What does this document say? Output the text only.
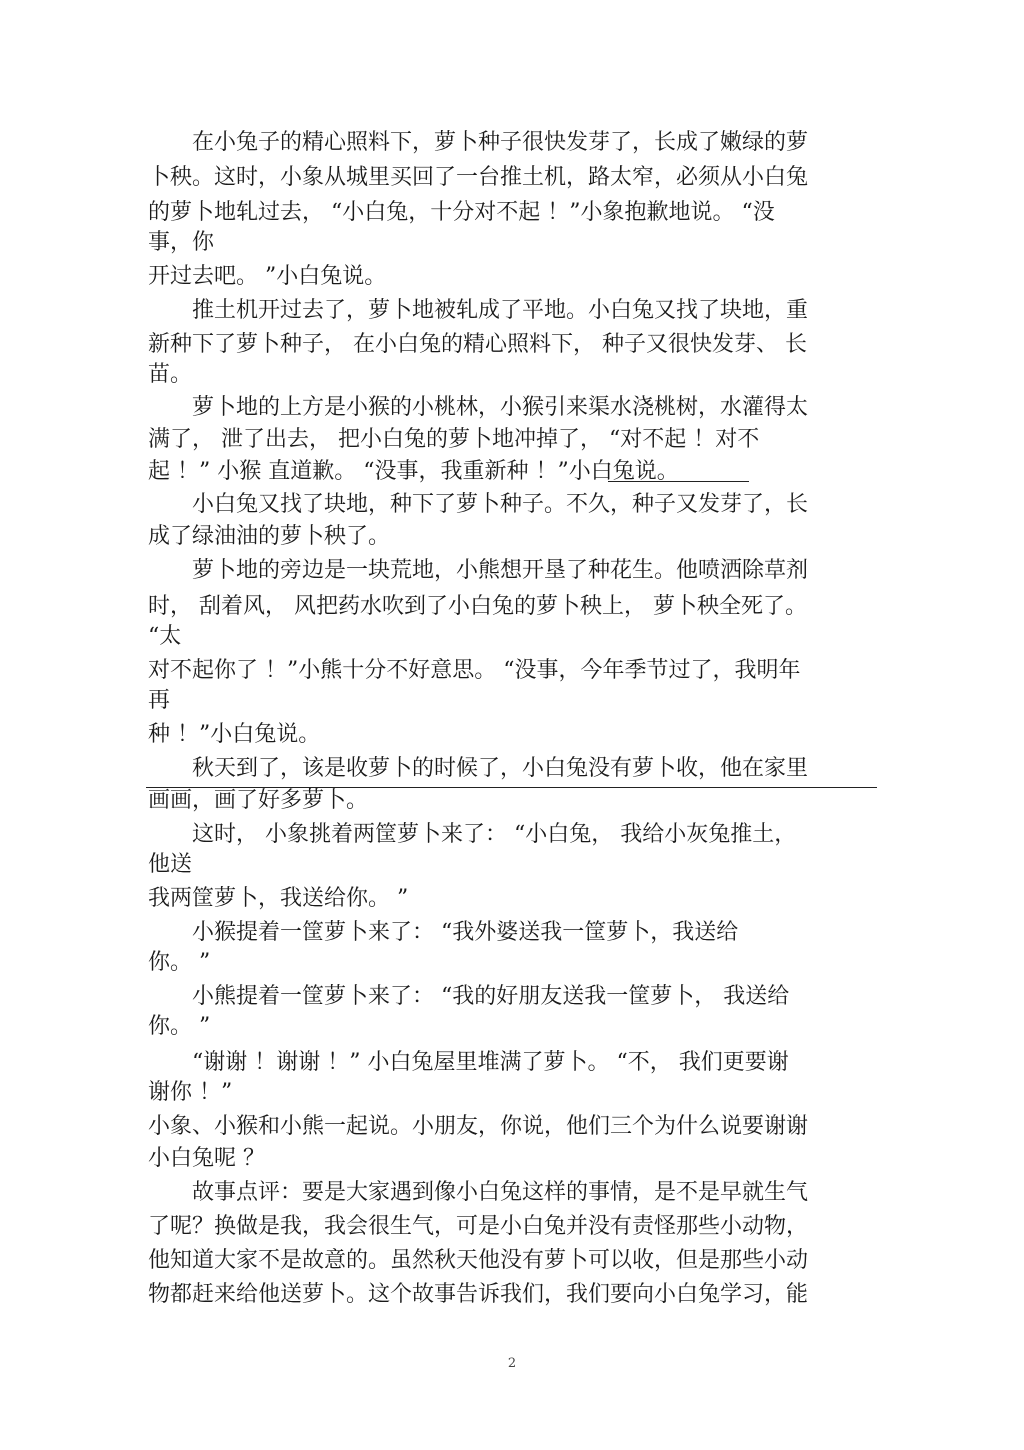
在小兔子的精心照料下，萝卜种子很快发芽了，长成了嫩绿的萝
卜秧。这时，小象从城里买回了一台推土机，路太窄，必须从小白兔
的萝卜地轧过去， “小白兔，十分对不起 ！”小象抱歉地说。 “没
事，你
开过去吧。 ”小白兔说。
推土机开过去了，萝卜地被轧成了平地。小白兔又找了块地，重
新种下了萝卜种子， 在小白兔的精心照料下， 种子又很快发芽、 长
苗。
萝卜地的上方是小猴的小桃林，小猴引来渠水浇桃树，水灌得太
满了， 泄了出去， 把小白兔的萝卜地冲掉了， “对不起 ！对不
起 ！” 小猴 直道歉。 “没事，我重新种 ！”小白兔说。
小白兔又找了块地，种下了萝卜种子。不久，种子又发芽了，长
成了绿油油的萝卜秧了。
萝卜地的旁边是一块荒地，小熊想开垦了种花生。他喷洒除草剂
时， 刮着风， 风把药水吹到了小白兔的萝卜秧上， 萝卜秧全死了。
“太
对不起你了 ！”小熊十分不好意思。 “没事，今年季节过了，我明年
再
种 ！”小白兔说。
秋天到了，该是收萝卜的时候了，小白兔没有萝卜收，他在家里
画画，画了好多萝卜。
这时， 小象挑着两筐萝卜来了： “小白兔， 我给小灰兔推土，
他送
我两筐萝卜，我送给你。 ”
小猴提着一筐萝卜来了： “我外婆送我一筐萝卜，我送给
你。 ”
小熊提着一筐萝卜来了： “我的好朋友送我一筐萝卜， 我送给
你。 ”
“谢谢 ！谢谢 ！” 小白兔屋里堆满了萝卜。 “不， 我们更要谢
谢你 ！”
小象、小猴和小熊一起说。小朋友，你说，他们三个为什么说要谢谢
小白兔呢 ？
故事点评：要是大家遇到像小白兔这样的事情，是不是早就生气
了呢？换做是我，我会很生气，可是小白兔并没有责怪那些小动物，
他知道大家不是故意的。虽然秋天他没有萝卜可以收，但是那些小动
物都赶来给他送萝卜。这个故事告诉我们，我们要向小白兔学习，能
2
